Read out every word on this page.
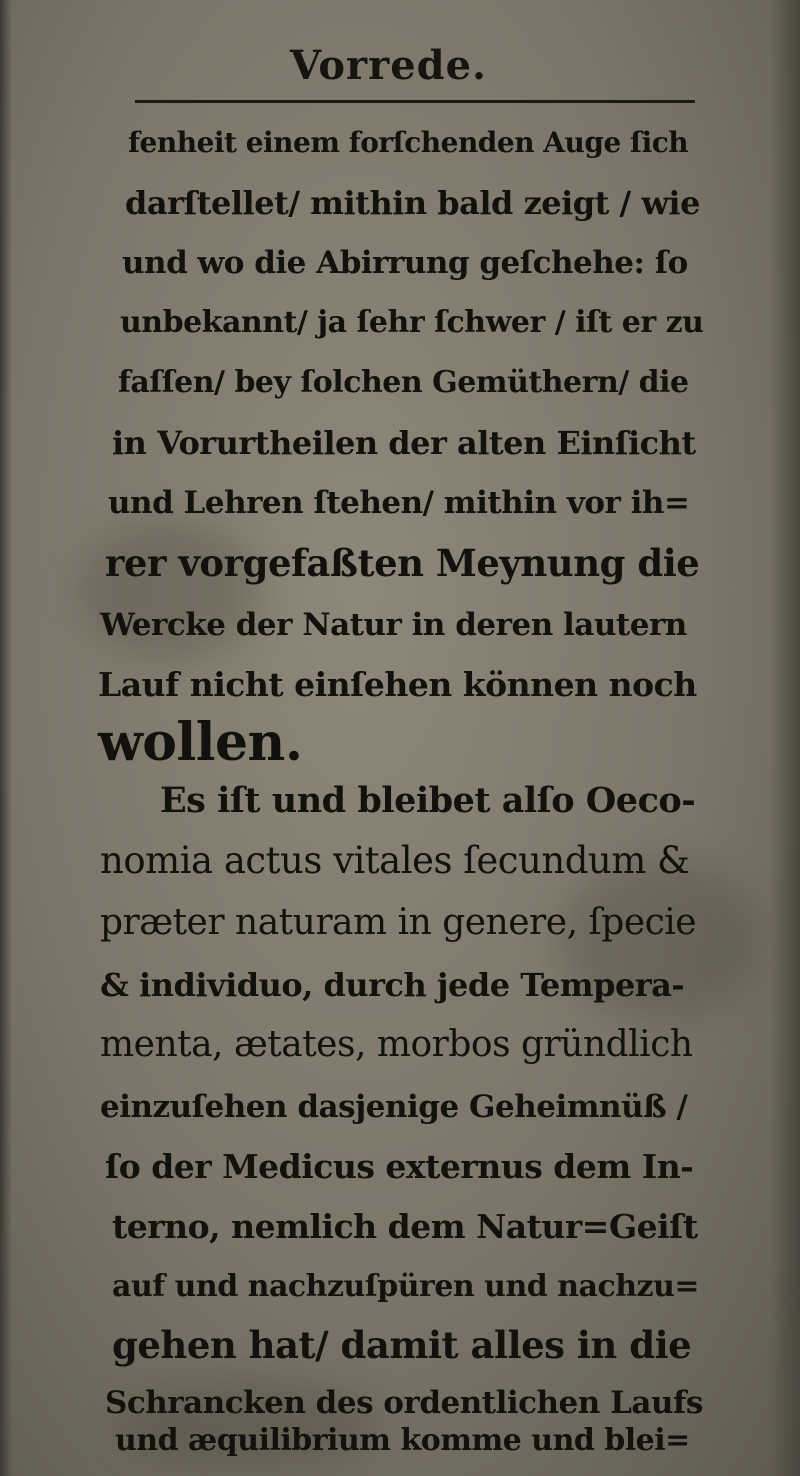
Vorrede.
fenheit einem forſchenden Auge ſich
darſtellet/ mithin bald zeigt / wie
und wo die Abirrung geſchehe: ſo
unbekannt/ ja ſehr ſchwer / iſt er zu
faſſen/ bey ſolchen Gemüthern/ die
in Vorurtheilen der alten Einſicht
und Lehren ſtehen/ mithin vor ih=
rer vorgefaßten Meynung die
Wercke der Natur in deren lautern
Lauf nicht einſehen können noch
wollen.
Es iſt und bleibet alſo Oeco-
nomia actus vitales ſecundum &
præter naturam in genere, ſpecie
& individuo, durch jede Tempera-
menta, ætates, morbos gründlich
einzuſehen dasjenige Geheimnüß /
ſo der Medicus externus dem In-
terno, nemlich dem Natur=Geiſt
auf und nachzuſpüren und nachzu=
gehen hat/ damit alles in die
Schrancken des ordentlichen Laufs
und æquilibrium komme und blei=
